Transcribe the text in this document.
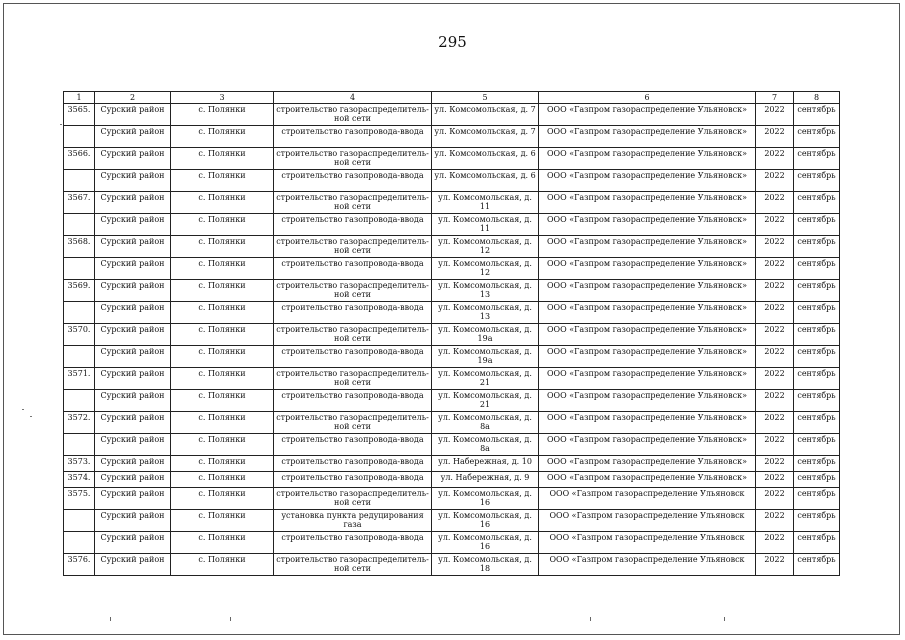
295
1	2	3	4	5	6	7	8
3565.	Сурский район	с. Полянки	строительство газораспределитель-ной сети	ул. Комсомольская, д. 7	ООО «Газпром газораспределение Ульяновск»	2022	сентябрь
	Сурский район	с. Полянки	строительство газопровода-ввода	ул. Комсомольская, д. 7	ООО «Газпром газораспределение Ульяновск»	2022	сентябрь
3566.	Сурский район	с. Полянки	строительство газораспределитель-ной сети	ул. Комсомольская, д. 6	ООО «Газпром газораспределение Ульяновск»	2022	сентябрь
	Сурский район	с. Полянки	строительство газопровода-ввода	ул. Комсомольская, д. 6	ООО «Газпром газораспределение Ульяновск»	2022	сентябрь
3567.	Сурский район	с. Полянки	строительство газораспределитель-ной сети	ул. Комсомольская, д. 11	ООО «Газпром газораспределение Ульяновск»	2022	сентябрь
	Сурский район	с. Полянки	строительство газопровода-ввода	ул. Комсомольская, д. 11	ООО «Газпром газораспределение Ульяновск»	2022	сентябрь
3568.	Сурский район	с. Полянки	строительство газораспределитель-ной сети	ул. Комсомольская, д. 12	ООО «Газпром газораспределение Ульяновск»	2022	сентябрь
	Сурский район	с. Полянки	строительство газопровода-ввода	ул. Комсомольская, д. 12	ООО «Газпром газораспределение Ульяновск»	2022	сентябрь
3569.	Сурский район	с. Полянки	строительство газораспределитель-ной сети	ул. Комсомольская, д. 13	ООО «Газпром газораспределение Ульяновск»	2022	сентябрь
	Сурский район	с. Полянки	строительство газопровода-ввода	ул. Комсомольская, д. 13	ООО «Газпром газораспределение Ульяновск»	2022	сентябрь
3570.	Сурский район	с. Полянки	строительство газораспределитель-ной сети	ул. Комсомольская, д. 19а	ООО «Газпром газораспределение Ульяновск»	2022	сентябрь
	Сурский район	с. Полянки	строительство газопровода-ввода	ул. Комсомольская, д. 19а	ООО «Газпром газораспределение Ульяновск»	2022	сентябрь
3571.	Сурский район	с. Полянки	строительство газораспределитель-ной сети	ул. Комсомольская, д. 21	ООО «Газпром газораспределение Ульяновск»	2022	сентябрь
	Сурский район	с. Полянки	строительство газопровода-ввода	ул. Комсомольская, д. 21	ООО «Газпром газораспределение Ульяновск»	2022	сентябрь
3572.	Сурский район	с. Полянки	строительство газораспределитель-ной сети	ул. Комсомольская, д. 8а	ООО «Газпром газораспределение Ульяновск»	2022	сентябрь
	Сурский район	с. Полянки	строительство газопровода-ввода	ул. Комсомольская, д. 8а	ООО «Газпром газораспределение Ульяновск»	2022	сентябрь
3573.	Сурский район	с. Полянки	строительство газопровода-ввода	ул. Набережная, д. 10	ООО «Газпром газораспределение Ульяновск»	2022	сентябрь
3574.	Сурский район	с. Полянки	строительство газопровода-ввода	ул. Набережная, д. 9	ООО «Газпром газораспределение Ульяновск»	2022	сентябрь
3575.	Сурский район	с. Полянки	строительство газораспределитель-ной сети	ул. Комсомольская, д. 16	ООО «Газпром газораспределение Ульяновск	2022	сентябрь
	Сурский район	с. Полянки	установка пункта редуцирования газа	ул. Комсомольская, д. 16	ООО «Газпром газораспределение Ульяновск	2022	сентябрь
	Сурский район	с. Полянки	строительство газопровода-ввода	ул. Комсомольская, д. 16	ООО «Газпром газораспределение Ульяновск	2022	сентябрь
3576.	Сурский район	с. Полянки	строительство газораспределитель-ной сети	ул. Комсомольская, д. 18	ООО «Газпром газораспределение Ульяновск	2022	сентябрь
